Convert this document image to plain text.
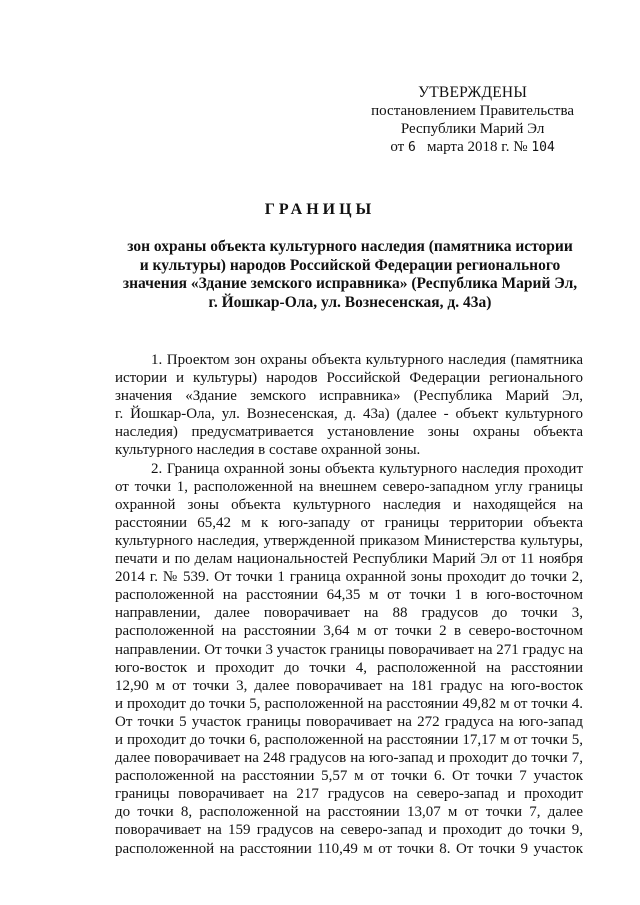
УТВЕРЖДЕНЫ
постановлением Правительства
Республики Марий Эл
от 6 марта 2018 г. № 104
ГРАНИЦЫ
зон охраны объекта культурного наследия (памятника истории
и культуры) народов Российской Федерации регионального
значения «Здание земского исправника» (Республика Марий Эл,
г. Йошкар-Ола, ул. Вознесенская, д. 43а)
1. Проектом зон охраны объекта культурного наследия (памятника
истории и культуры) народов Российской Федерации регионального
значения «Здание земского исправника» (Республика Марий Эл,
г. Йошкар-Ола, ул. Вознесенская, д. 43а) (далее - объект культурного
наследия) предусматривается установление зоны охраны объекта
культурного наследия в составе охранной зоны.
2. Граница охранной зоны объекта культурного наследия проходит
от точки 1, расположенной на внешнем северо-западном углу границы
охранной зоны объекта культурного наследия и находящейся на
расстоянии 65,42 м к юго-западу от границы территории объекта
культурного наследия, утвержденной приказом Министерства культуры,
печати и по делам национальностей Республики Марий Эл от 11 ноября
2014 г. № 539. От точки 1 граница охранной зоны проходит до точки 2,
расположенной на расстоянии 64,35 м от точки 1 в юго-восточном
направлении, далее поворачивает на 88 градусов до точки 3,
расположенной на расстоянии 3,64 м от точки 2 в северо-восточном
направлении. От точки 3 участок границы поворачивает на 271 градус на
юго-восток и проходит до точки 4, расположенной на расстоянии
12,90 м от точки 3, далее поворачивает на 181 градус на юго-восток
и проходит до точки 5, расположенной на расстоянии 49,82 м от точки 4.
От точки 5 участок границы поворачивает на 272 градуса на юго-запад
и проходит до точки 6, расположенной на расстоянии 17,17 м от точки 5,
далее поворачивает на 248 градусов на юго-запад и проходит до точки 7,
расположенной на расстоянии 5,57 м от точки 6. От точки 7 участок
границы поворачивает на 217 градусов на северо-запад и проходит
до точки 8, расположенной на расстоянии 13,07 м от точки 7, далее
поворачивает на 159 градусов на северо-запад и проходит до точки 9,
расположенной на расстоянии 110,49 м от точки 8. От точки 9 участок
